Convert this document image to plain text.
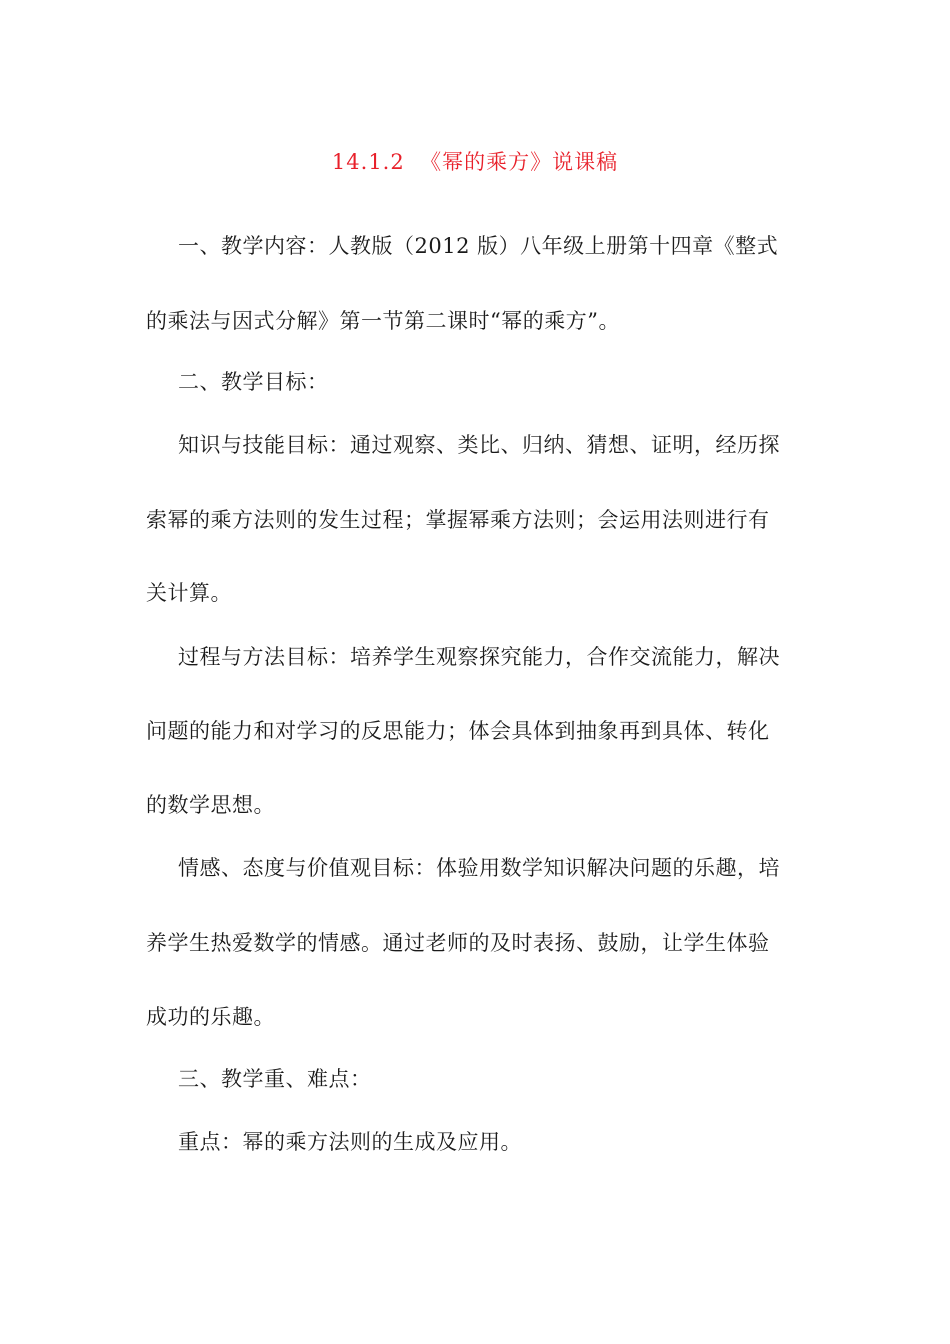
14.1.2  《幂的乘方》说课稿
一、教学内容：人教版（2012 版）八年级上册第十四章《整式
的乘法与因式分解》第一节第二课时“幂的乘方”。
二、教学目标：
知识与技能目标：通过观察、类比、归纳、猜想、证明，经历探
索幂的乘方法则的发生过程；掌握幂乘方法则；会运用法则进行有
关计算。
过程与方法目标：培养学生观察探究能力，合作交流能力，解决
问题的能力和对学习的反思能力；体会具体到抽象再到具体、转化
的数学思想。
情感、态度与价值观目标：体验用数学知识解决问题的乐趣，培
养学生热爱数学的情感。通过老师的及时表扬、鼓励，让学生体验
成功的乐趣。
三、教学重、难点：
重点：幂的乘方法则的生成及应用。
